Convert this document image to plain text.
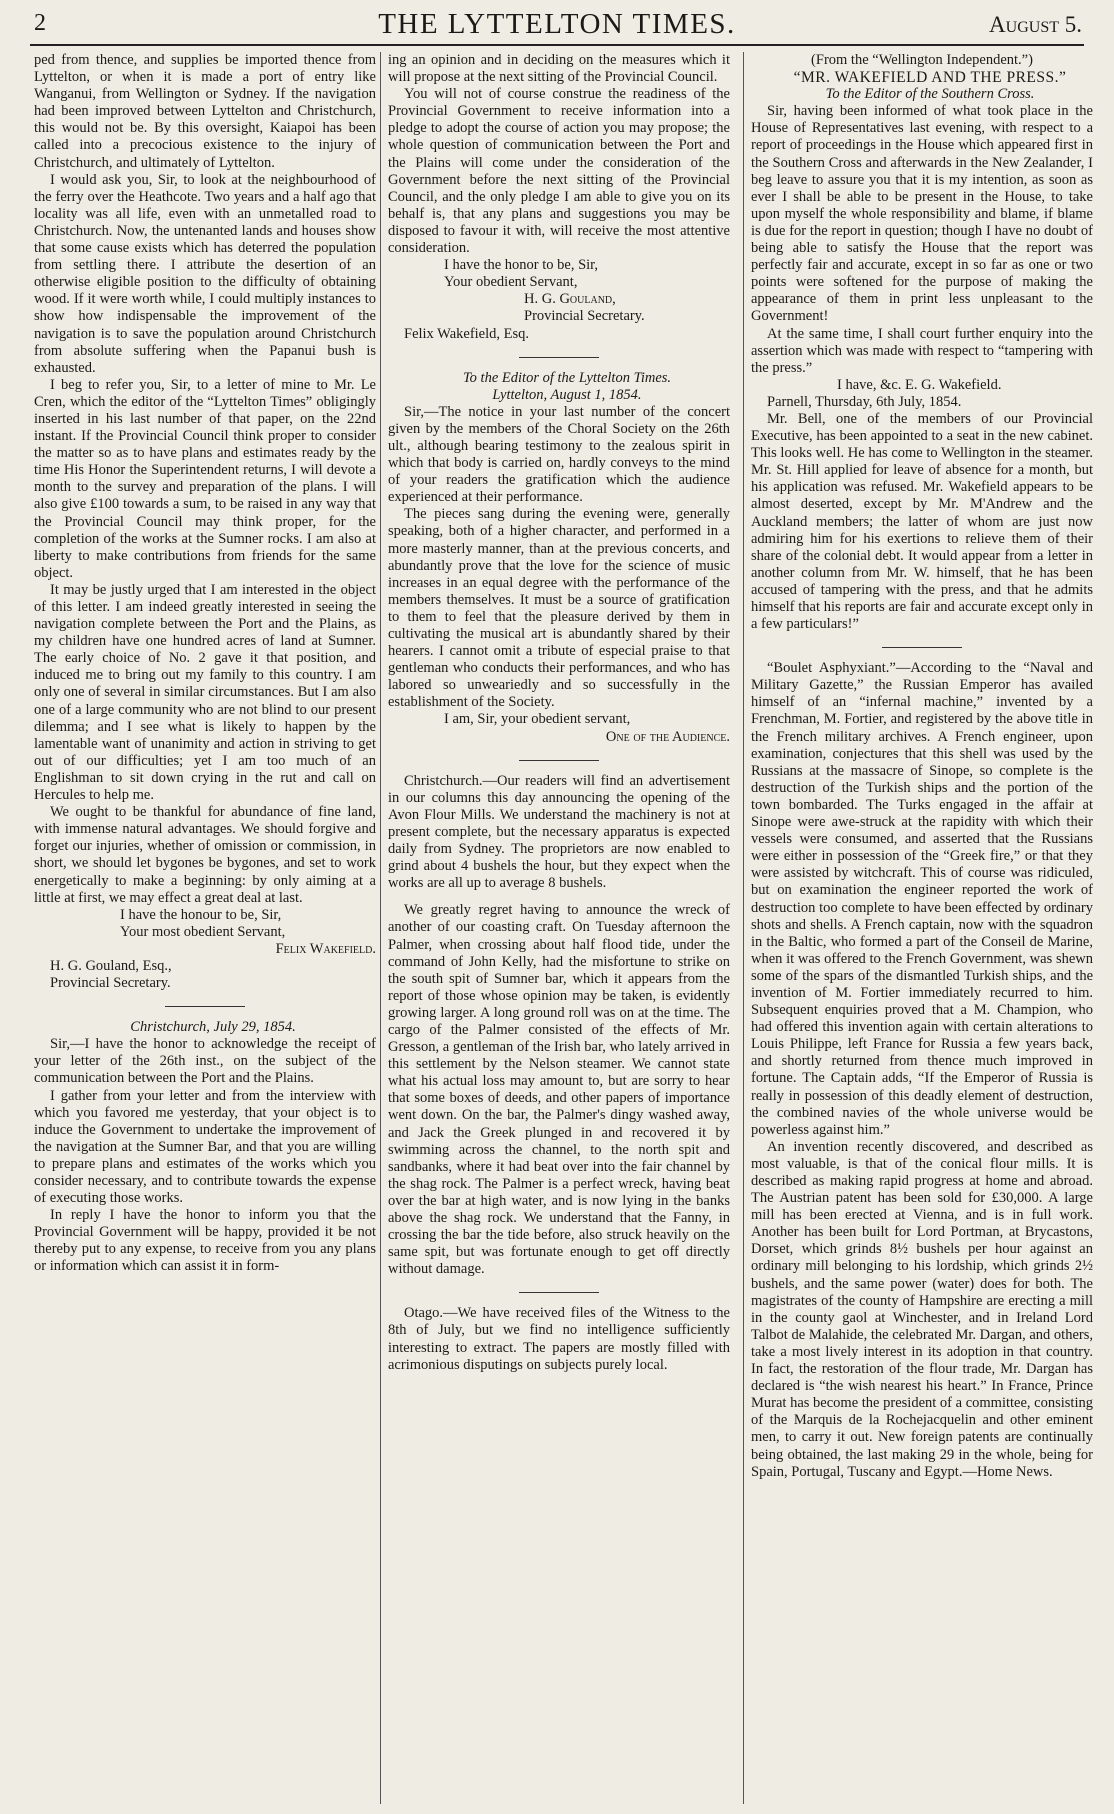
2	THE LYTTELTON TIMES.	August 5.

ped from thence, and supplies be imported thence from Lyttelton, or when it is made a port of entry like Wanganui, from Wellington or Sydney. If the navigation had been improved between Lyttelton and Christchurch, this would not be. By this oversight, Kaiapoi has been called into a precocious existence to the injury of Christchurch, and ultimately of Lyttelton.

I would ask you, Sir, to look at the neighbourhood of the ferry over the Heathcote. Two years and a half ago that locality was all life, even with an unmetalled road to Christchurch. Now, the untenanted lands and houses show that some cause exists which has deterred the population from settling there. I attribute the desertion of an otherwise eligible position to the difficulty of obtaining wood. If it were worth while, I could multiply instances to show how indispensable the improvement of the navigation is to save the population around Christchurch from absolute suffering when the Papanui bush is exhausted.

I beg to refer you, Sir, to a letter of mine to Mr. Le Cren, which the editor of the “Lyttelton Times” obligingly inserted in his last number of that paper, on the 22nd instant. If the Provincial Council think proper to consider the matter so as to have plans and estimates ready by the time His Honor the Superintendent returns, I will devote a month to the survey and preparation of the plans. I will also give £100 towards a sum, to be raised in any way that the Provincial Council may think proper, for the completion of the works at the Sumner rocks. I am also at liberty to make contributions from friends for the same object.

It may be justly urged that I am interested in the object of this letter. I am indeed greatly interested in seeing the navigation complete between the Port and the Plains, as my children have one hundred acres of land at Sumner. The early choice of No. 2 gave it that position, and induced me to bring out my family to this country. I am only one of several in similar circumstances. But I am also one of a large community who are not blind to our present dilemma; and I see what is likely to happen by the lamentable want of unanimity and action in striving to get out of our difficulties; yet I am too much of an Englishman to sit down crying in the rut and call on Hercules to help me.

We ought to be thankful for abundance of fine land, with immense natural advantages. We should forgive and forget our injuries, whether of omission or commission, in short, we should let bygones be bygones, and set to work energetically to make a beginning: by only aiming at a little at first, we may effect a great deal at last.

I have the honour to be, Sir,

Your most obedient Servant,

Felix Wakefield.

H. G. Gouland, Esq.,

Provincial Secretary.

Christchurch, July 29, 1854.

Sir,—I have the honor to acknowledge the receipt of your letter of the 26th inst., on the subject of the communication between the Port and the Plains.

I gather from your letter and from the interview with which you favored me yesterday, that your object is to induce the Government to undertake the improvement of the navigation at the Sumner Bar, and that you are willing to prepare plans and estimates of the works which you consider necessary, and to contribute towards the expense of executing those works.

In reply I have the honor to inform you that the Provincial Government will be happy, provided it be not thereby put to any expense, to receive from you any plans or information which can assist it in form-

ing an opinion and in deciding on the measures which it will propose at the next sitting of the Provincial Council.

You will not of course construe the readiness of the Provincial Government to receive information into a pledge to adopt the course of action you may propose; the whole question of communication between the Port and the Plains will come under the consideration of the Government before the next sitting of the Provincial Council, and the only pledge I am able to give you on its behalf is, that any plans and suggestions you may be disposed to favour it with, will receive the most attentive consideration.

I have the honor to be, Sir,

Your obedient Servant,

H. G. Gouland,

Provincial Secretary.

Felix Wakefield, Esq.

To the Editor of the Lyttelton Times.

Lyttelton, August 1, 1854.

Sir,—The notice in your last number of the concert given by the members of the Choral Society on the 26th ult., although bearing testimony to the zealous spirit in which that body is carried on, hardly conveys to the mind of your readers the gratification which the audience experienced at their performance.

The pieces sang during the evening were, generally speaking, both of a higher character, and performed in a more masterly manner, than at the previous concerts, and abundantly prove that the love for the science of music increases in an equal degree with the performance of the members themselves. It must be a source of gratification to them to feel that the pleasure derived by them in cultivating the musical art is abundantly shared by their hearers. I cannot omit a tribute of especial praise to that gentleman who conducts their performances, and who has labored so unweariedly and so successfully in the establishment of the Society.

I am, Sir, your obedient servant,

One of the Audience.

Christchurch.—Our readers will find an advertisement in our columns this day announcing the opening of the Avon Flour Mills. We understand the machinery is not at present complete, but the necessary apparatus is expected daily from Sydney. The proprietors are now enabled to grind about 4 bushels the hour, but they expect when the works are all up to average 8 bushels.

We greatly regret having to announce the wreck of another of our coasting craft. On Tuesday afternoon the Palmer, when crossing about half flood tide, under the command of John Kelly, had the misfortune to strike on the south spit of Sumner bar, which it appears from the report of those whose opinion may be taken, is evidently growing larger. A long ground roll was on at the time. The cargo of the Palmer consisted of the effects of Mr. Gresson, a gentleman of the Irish bar, who lately arrived in this settlement by the Nelson steamer. We cannot state what his actual loss may amount to, but are sorry to hear that some boxes of deeds, and other papers of importance went down. On the bar, the Palmer's dingy washed away, and Jack the Greek plunged in and recovered it by swimming across the channel, to the north spit and sandbanks, where it had beat over into the fair channel by the shag rock. The Palmer is a perfect wreck, having beat over the bar at high water, and is now lying in the banks above the shag rock. We understand that the Fanny, in crossing the bar the tide before, also struck heavily on the same spit, but was fortunate enough to get off directly without damage.

Otago.—We have received files of the Witness to the 8th of July, but we find no intelligence sufficiently interesting to extract. The papers are mostly filled with acrimonious disputings on subjects purely local.

(From the “Wellington Independent.”)

“MR. WAKEFIELD AND THE PRESS.”

To the Editor of the Southern Cross.

Sir, having been informed of what took place in the House of Representatives last evening, with respect to a report of proceedings in the House which appeared first in the Southern Cross and afterwards in the New Zealander, I beg leave to assure you that it is my intention, as soon as ever I shall be able to be present in the House, to take upon myself the whole responsibility and blame, if blame is due for the report in question; though I have no doubt of being able to satisfy the House that the report was perfectly fair and accurate, except in so far as one or two points were softened for the purpose of making the appearance of them in print less unpleasant to the Government!

At the same time, I shall court further enquiry into the assertion which was made with respect to “tampering with the press.”

I have, &c. E. G. Wakefield.

Parnell, Thursday, 6th July, 1854.

Mr. Bell, one of the members of our Provincial Executive, has been appointed to a seat in the new cabinet. This looks well. He has come to Wellington in the steamer. Mr. St. Hill applied for leave of absence for a month, but his application was refused. Mr. Wakefield appears to be almost deserted, except by Mr. M'Andrew and the Auckland members; the latter of whom are just now admiring him for his exertions to relieve them of their share of the colonial debt. It would appear from a letter in another column from Mr. W. himself, that he has been accused of tampering with the press, and that he admits himself that his reports are fair and accurate except only in a few particulars!”

“Boulet Asphyxiant.”—According to the “Naval and Military Gazette,” the Russian Emperor has availed himself of an “infernal machine,” invented by a Frenchman, M. Fortier, and registered by the above title in the French military archives. A French engineer, upon examination, conjectures that this shell was used by the Russians at the massacre of Sinope, so complete is the destruction of the Turkish ships and the portion of the town bombarded. The Turks engaged in the affair at Sinope were awe-struck at the rapidity with which their vessels were consumed, and asserted that the Russians were either in possession of the “Greek fire,” or that they were assisted by witchcraft. This of course was ridiculed, but on examination the engineer reported the work of destruction too complete to have been effected by ordinary shots and shells. A French captain, now with the squadron in the Baltic, who formed a part of the Conseil de Marine, when it was offered to the French Government, was shewn some of the spars of the dismantled Turkish ships, and the invention of M. Fortier immediately recurred to him. Subsequent enquiries proved that a M. Champion, who had offered this invention again with certain alterations to Louis Philippe, left France for Russia a few years back, and shortly returned from thence much improved in fortune. The Captain adds, “If the Emperor of Russia is really in possession of this deadly element of destruction, the combined navies of the whole universe would be powerless against him.”

An invention recently discovered, and described as most valuable, is that of the conical flour mills. It is described as making rapid progress at home and abroad. The Austrian patent has been sold for £30,000. A large mill has been erected at Vienna, and is in full work. Another has been built for Lord Portman, at Brycastons, Dorset, which grinds 8½ bushels per hour against an ordinary mill belonging to his lordship, which grinds 2½ bushels, and the same power (water) does for both. The magistrates of the county of Hampshire are erecting a mill in the county gaol at Winchester, and in Ireland Lord Talbot de Malahide, the celebrated Mr. Dargan, and others, take a most lively interest in its adoption in that country. In fact, the restoration of the flour trade, Mr. Dargan has declared is “the wish nearest his heart.” In France, Prince Murat has become the president of a committee, consisting of the Marquis de la Rochejacquelin and other eminent men, to carry it out. New foreign patents are continually being obtained, the last making 29 in the whole, being for Spain, Portugal, Tuscany and Egypt.—Home News.
